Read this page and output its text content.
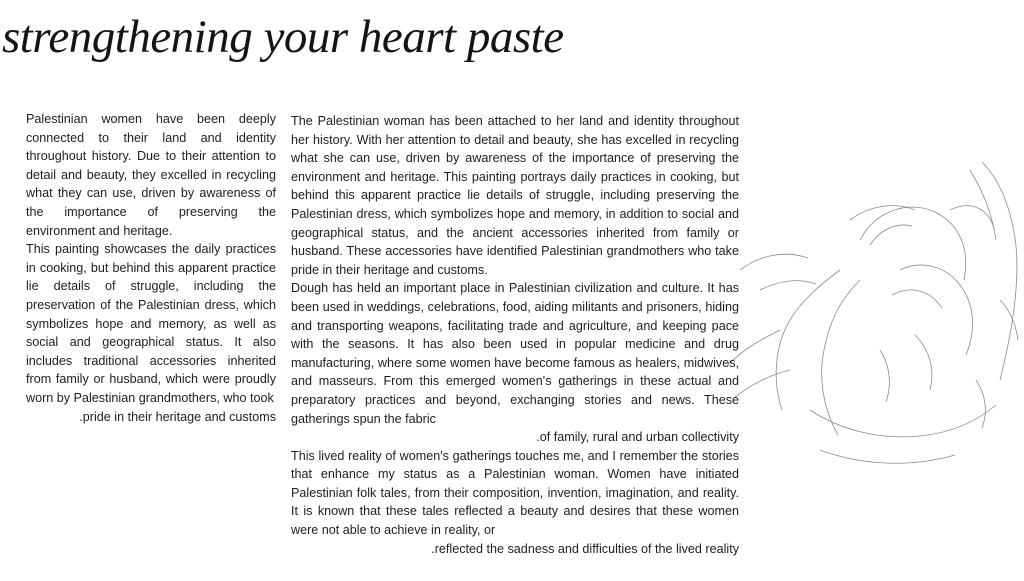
strengthening your heart paste

Palestinian women have been deeply connected to their land and identity throughout history. Due to their attention to detail and beauty, they excelled in recycling what they can use, driven by awareness of the importance of preserving the environment and heritage.

This painting showcases the daily practices in cooking, but behind this apparent practice lie details of struggle, including the preservation of the Palestinian dress, which symbolizes hope and memory, as well as social and geographical status. It also includes traditional accessories inherited from family or husband, which were proudly worn by Palestinian grandmothers, who took

.pride in their heritage and customs

The Palestinian woman has been attached to her land and identity throughout her history. With her attention to detail and beauty, she has excelled in recycling what she can use, driven by awareness of the importance of preserving the environment and heritage. This painting portrays daily practices in cooking, but behind this apparent practice lie details of struggle, including preserving the Palestinian dress, which symbolizes hope and memory, in addition to social and geographical status, and the ancient accessories inherited from family or husband. These accessories have identified Palestinian grandmothers who take pride in their heritage and customs.

Dough has held an important place in Palestinian civilization and culture. It has been used in weddings, celebrations, food, aiding militants and prisoners, hiding and transporting weapons, facilitating trade and agriculture, and keeping pace with the seasons. It has also been used in popular medicine and drug manufacturing, where some women have become famous as healers, midwives, and masseurs. From this emerged women's gatherings in these actual and preparatory practices and beyond, exchanging stories and news. These gatherings spun the fabric

.of family, rural and urban collectivity

This lived reality of women's gatherings touches me, and I remember the stories that enhance my status as a Palestinian woman. Women have initiated Palestinian folk tales, from their composition, invention, imagination, and reality. It is known that these tales reflected a beauty and desires that these women were not able to achieve in reality, or

.reflected the sadness and difficulties of the lived reality
